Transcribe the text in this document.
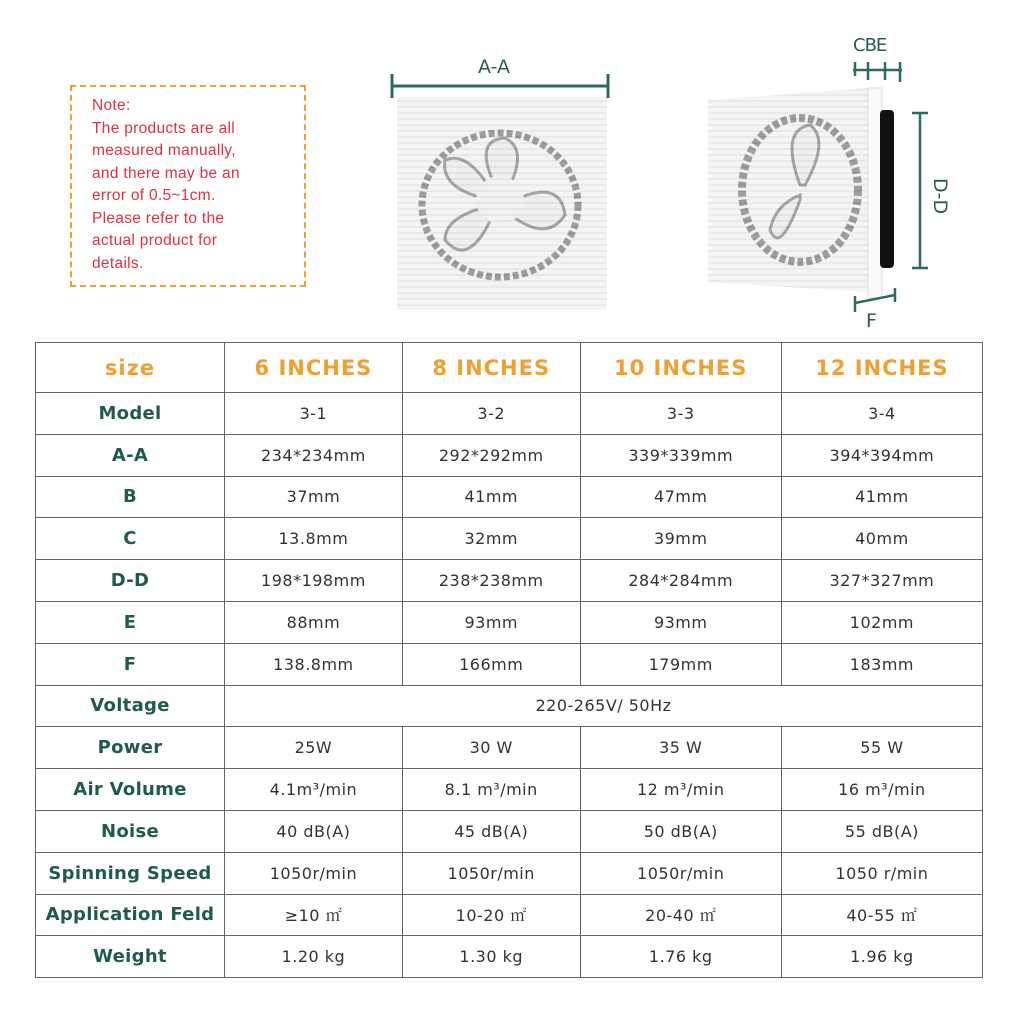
Note:
The products are all
measured manually,
and there may be an
error of 0.5~1cm.
Please refer to the
actual product for
details.
A-A
CBE
D-D
F
size	6 INCHES	8 INCHES	10 INCHES	12 INCHES
Model	3-1	3-2	3-3	3-4
A-A	234*234mm	292*292mm	339*339mm	394*394mm
B	37mm	41mm	47mm	41mm
C	13.8mm	32mm	39mm	40mm
D-D	198*198mm	238*238mm	284*284mm	327*327mm
E	88mm	93mm	93mm	102mm
F	138.8mm	166mm	179mm	183mm
Voltage	220-265V/ 50Hz			
Power	25W	30 W	35 W	55 W
Air Volume	4.1m³/min	8.1 m³/min	12 m³/min	16 m³/min
Noise	40 dB(A)	45 dB(A)	50 dB(A)	55 dB(A)
Spinning Speed	1050r/min	1050r/min	1050r/min	1050 r/min
Application Feld	≥10 ㎡	10-20 ㎡	20-40 ㎡	40-55 ㎡
Weight	1.20 kg	1.30 kg	1.76 kg	1.96 kg
